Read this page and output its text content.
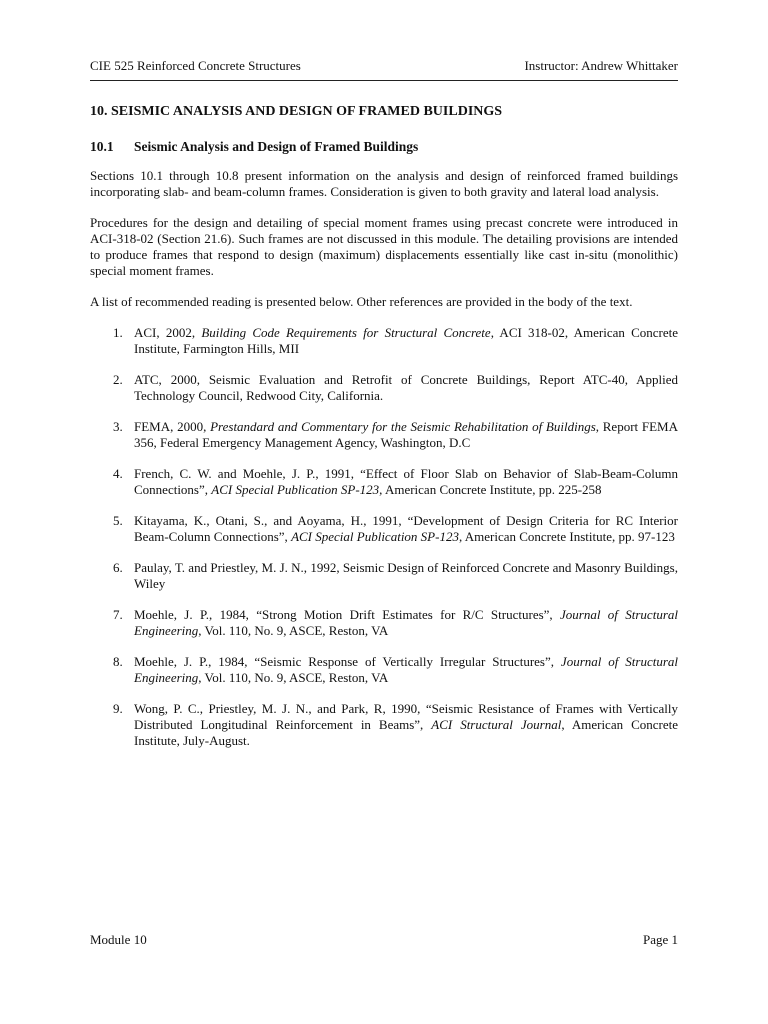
CIE 525 Reinforced Concrete Structures	Instructor: Andrew Whittaker
10. SEISMIC ANALYSIS AND DESIGN OF FRAMED BUILDINGS
10.1	Seismic Analysis and Design of Framed Buildings

Sections 10.1 through 10.8 present information on the analysis and design of reinforced framed buildings incorporating slab- and beam-column frames. Consideration is given to both gravity and lateral load analysis.

Procedures for the design and detailing of special moment frames using precast concrete were introduced in ACI-318-02 (Section 21.6). Such frames are not discussed in this module. The detailing provisions are intended to produce frames that respond to design (maximum) displacements essentially like cast in-situ (monolithic) special moment frames.

A list of recommended reading is presented below. Other references are provided in the body of the text.

1. ACI, 2002, Building Code Requirements for Structural Concrete, ACI 318-02, American Concrete Institute, Farmington Hills, MII
2. ATC, 2000, Seismic Evaluation and Retrofit of Concrete Buildings, Report ATC-40, Applied Technology Council, Redwood City, California.
3. FEMA, 2000, Prestandard and Commentary for the Seismic Rehabilitation of Buildings, Report FEMA 356, Federal Emergency Management Agency, Washington, D.C
4. French, C. W. and Moehle, J. P., 1991, “Effect of Floor Slab on Behavior of Slab-Beam-Column Connections”, ACI Special Publication SP-123, American Concrete Institute, pp. 225-258
5. Kitayama, K., Otani, S., and Aoyama, H., 1991, “Development of Design Criteria for RC Interior Beam-Column Connections”, ACI Special Publication SP-123, American Concrete Institute, pp. 97-123
6. Paulay, T. and Priestley, M. J. N., 1992, Seismic Design of Reinforced Concrete and Masonry Buildings, Wiley
7. Moehle, J. P., 1984, “Strong Motion Drift Estimates for R/C Structures”, Journal of Structural Engineering, Vol. 110, No. 9, ASCE, Reston, VA
8. Moehle, J. P., 1984, “Seismic Response of Vertically Irregular Structures”, Journal of Structural Engineering, Vol. 110, No. 9, ASCE, Reston, VA
9. Wong, P. C., Priestley, M. J. N., and Park, R, 1990, “Seismic Resistance of Frames with Vertically Distributed Longitudinal Reinforcement in Beams”, ACI Structural Journal, American Concrete Institute, July-August.
Module 10	Page 1
